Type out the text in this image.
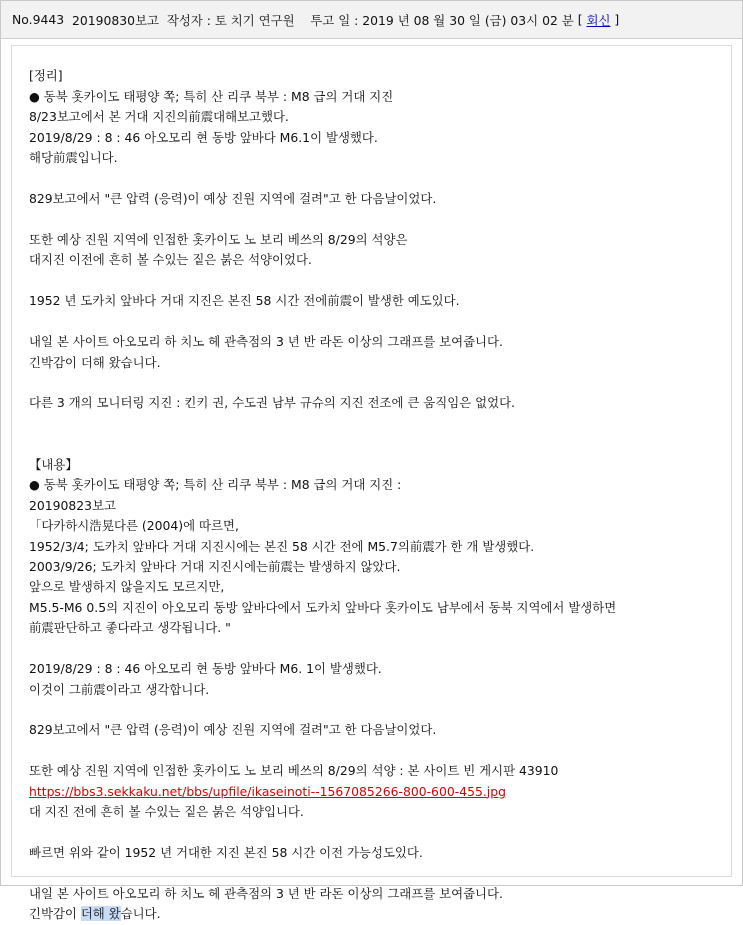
No.9443
20190830보고
작성자 : 토 치기 연구원
투고 일 : 2019 년 08 월 30 일 (금) 03시 02 분
[
회신
]
[정리]
● 동북 홋카이도 태평양 쪽; 특히 산 리쿠 북부 : M8 급의 거대 지진
8/23보고에서 본 거대 지진의前震대해보고했다.
2019/8/29 : 8 : 46 아오모리 현 동방 앞바다 M6.1이 발생했다.
해당前震입니다.
829보고에서 "큰 압력 (응력)이 예상 진원 지역에 걸려"고 한 다음날이었다.
또한 예상 진원 지역에 인접한 홋카이도 노 보리 베쓰의 8/29의 석양은
대지진 이전에 흔히 볼 수있는 짙은 붉은 석양이었다.
1952 년 도카치 앞바다 거대 지진은 본진 58 시간 전에前震이 발생한 예도있다.
내일 본 사이트 아오모리 하 치노 헤 관측점의 3 년 반 라돈 이상의 그래프를 보여줍니다.
긴박감이 더해 왔습니다.
다른 3 개의 모니터링 지진 : 킨키 권, 수도권 남부 규슈의 지진 전조에 큰 움직임은 없었다.
【내용】
● 동북 홋카이도 태평양 쪽; 특히 산 리쿠 북부 : M8 급의 거대 지진 :
20190823보고
「다카하시浩晃다른 (2004)에 따르면,
1952/3/4; 도카치 앞바다 거대 지진시에는 본진 58 시간 전에 M5.7의前震가 한 개 발생했다.
2003/9/26; 도카치 앞바다 거대 지진시에는前震는 발생하지 않았다.
앞으로 발생하지 않을지도 모르지만,
M5.5-M6 0.5의 지진이 아오모리 동방 앞바다에서 도카치 앞바다 홋카이도 남부에서 동북 지역에서 발생하면
前震판단하고 좋다라고 생각됩니다. "
2019/8/29 : 8 : 46 아오모리 현 동방 앞바다 M6. 1이 발생했다.
이것이 그前震이라고 생각합니다.
829보고에서 "큰 압력 (응력)이 예상 진원 지역에 걸려"고 한 다음날이었다.
또한 예상 진원 지역에 인접한 홋카이도 노 보리 베쓰의 8/29의 석양 : 본 사이트 빈 게시판 43910
https://bbs3.sekkaku.net/bbs/upfile/ikaseinoti--1567085266-800-600-455.jpg
대 지진 전에 흔히 볼 수있는 짙은 붉은 석양입니다.
빠르면 위와 같이 1952 년 거대한 지진 본진 58 시간 이전 가능성도있다.
내일 본 사이트 아오모리 하 치노 헤 관측점의 3 년 반 라돈 이상의 그래프를 보여줍니다.
긴박감이 더해 왔습니다.
